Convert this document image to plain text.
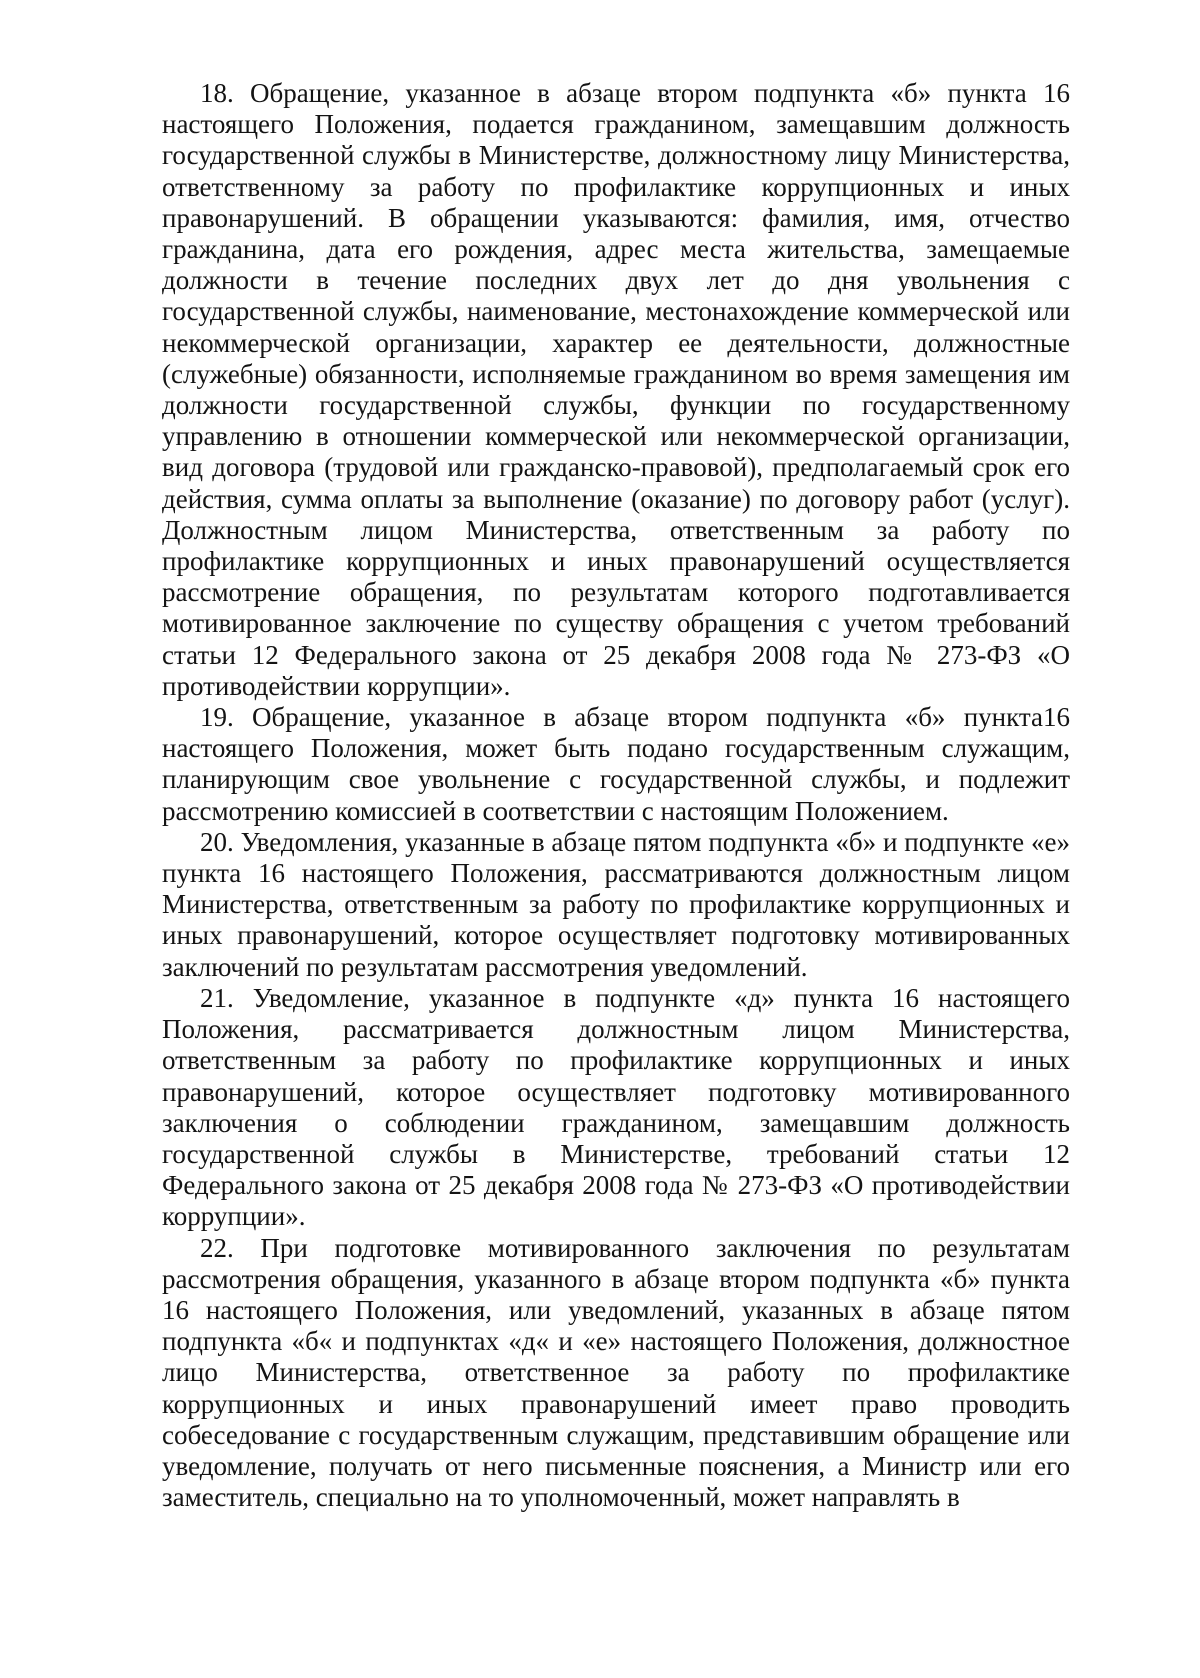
18. Обращение, указанное в абзаце втором подпункта «б» пункта 16 настоящего Положения, подается гражданином, замещавшим должность государственной службы в Министерстве, должностному лицу Министерства, ответственному за работу по профилактике коррупционных и иных правонарушений. В обращении указываются: фамилия, имя, отчество гражданина, дата его рождения, адрес места жительства, замещаемые должности в течение последних двух лет до дня увольнения с государственной службы, наименование, местонахождение коммерческой или некоммерческой организации, характер ее деятельности, должностные (служебные) обязанности, исполняемые гражданином во время замещения им должности государственной службы, функции по государственному управлению в отношении коммерческой или некоммерческой организации, вид договора (трудовой или гражданско-правовой), предполагаемый срок его действия, сумма оплаты за выполнение (оказание) по договору работ (услуг). Должностным лицом Министерства, ответственным за работу по профилактике коррупционных и иных правонарушений осуществляется рассмотрение обращения, по результатам которого подготавливается мотивированное заключение по существу обращения с учетом требований статьи 12 Федерального закона от 25 декабря 2008 года № 273-ФЗ «О противодействии коррупции».

19. Обращение, указанное в абзаце втором подпункта «б» пункта16 настоящего Положения, может быть подано государственным служащим, планирующим свое увольнение с государственной службы, и подлежит рассмотрению комиссией в соответствии с настоящим Положением.

20. Уведомления, указанные в абзаце пятом подпункта «б» и подпункте «е» пункта 16 настоящего Положения, рассматриваются должностным лицом Министерства, ответственным за работу по профилактике коррупционных и иных правонарушений, которое осуществляет подготовку мотивированных заключений по результатам рассмотрения уведомлений.

21. Уведомление, указанное в подпункте «д» пункта 16 настоящего Положения, рассматривается должностным лицом Министерства, ответственным за работу по профилактике коррупционных и иных правонарушений, которое осуществляет подготовку мотивированного заключения о соблюдении гражданином, замещавшим должность государственной службы в Министерстве, требований статьи 12 Федерального закона от 25 декабря 2008 года № 273-ФЗ «О противодействии коррупции».

22. При подготовке мотивированного заключения по результатам рассмотрения обращения, указанного в абзаце втором подпункта «б» пункта 16 настоящего Положения, или уведомлений, указанных в абзаце пятом подпункта «б« и подпунктах «д« и «е» настоящего Положения, должностное лицо Министерства, ответственное за работу по профилактике коррупционных и иных правонарушений имеет право проводить собеседование с государственным служащим, представившим обращение или уведомление, получать от него письменные пояснения, а Министр или его заместитель, специально на то уполномоченный, может направлять в
